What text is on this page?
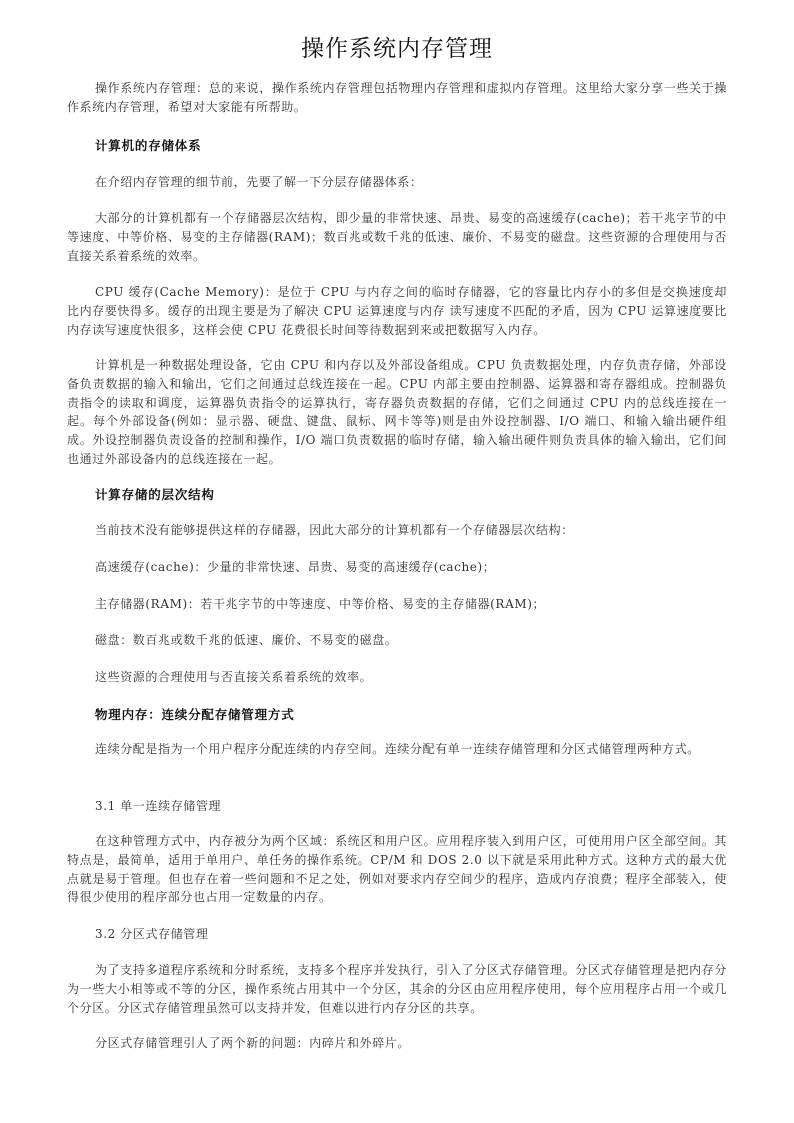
操作系统内存管理
操作系统内存管理：总的来说，操作系统内存管理包括物理内存管理和虚拟内存管理。这里给大家分享一些关于操作系统内存管理，希望对大家能有所帮助。
计算机的存储体系
在介绍内存管理的细节前，先要了解一下分层存储器体系：
大部分的计算机都有一个存储器层次结构，即少量的非常快速、昂贵、易变的高速缓存(cache)；若干兆字节的中等速度、中等价格、易变的主存储器(RAM)；数百兆或数千兆的低速、廉价、不易变的磁盘。这些资源的合理使用与否直接关系着系统的效率。
CPU 缓存(Cache Memory)：是位于 CPU 与内存之间的临时存储器，它的容量比内存小的多但是交换速度却比内存要快得多。缓存的出现主要是为了解决 CPU 运算速度与内存 读写速度不匹配的矛盾，因为 CPU 运算速度要比内存读写速度快很多，这样会使 CPU 花费很长时间等待数据到来或把数据写入内存。
计算机是一种数据处理设备，它由 CPU 和内存以及外部设备组成。CPU 负责数据处理，内存负责存储，外部设备负责数据的输入和输出，它们之间通过总线连接在一起。CPU 内部主要由控制器、运算器和寄存器组成。控制器负责指令的读取和调度，运算器负责指令的运算执行，寄存器负责数据的存储，它们之间通过 CPU 内的总线连接在一起。每个外部设备(例如：显示器、硬盘、键盘、鼠标、网卡等等)则是由外设控制器、I/O 端口、和输入输出硬件组成。外设控制器负责设备的控制和操作，I/O 端口负责数据的临时存储，输入输出硬件则负责具体的输入输出，它们间也通过外部设备内的总线连接在一起。
计算存储的层次结构
当前技术没有能够提供这样的存储器，因此大部分的计算机都有一个存储器层次结构：
高速缓存(cache)：少量的非常快速、昂贵、易变的高速缓存(cache)；
主存储器(RAM)：若干兆字节的中等速度、中等价格、易变的主存储器(RAM)；
磁盘：数百兆或数千兆的低速、廉价、不易变的磁盘。
这些资源的合理使用与否直接关系着系统的效率。
物理内存：连续分配存储管理方式
连续分配是指为一个用户程序分配连续的内存空间。连续分配有单一连续存储管理和分区式储管理两种方式。
3.1 单一连续存储管理
在这种管理方式中，内存被分为两个区域：系统区和用户区。应用程序装入到用户区，可使用用户区全部空间。其特点是，最简单，适用于单用户、单任务的操作系统。CP/M 和 DOS 2.0 以下就是采用此种方式。这种方式的最大优点就是易于管理。但也存在着一些问题和不足之处，例如对要求内存空间少的程序，造成内存浪费；程序全部装入，使得很少使用的程序部分也占用一定数量的内存。
3.2 分区式存储管理
为了支持多道程序系统和分时系统，支持多个程序并发执行，引入了分区式存储管理。分区式存储管理是把内存分为一些大小相等或不等的分区，操作系统占用其中一个分区，其余的分区由应用程序使用，每个应用程序占用一个或几个分区。分区式存储管理虽然可以支持并发，但难以进行内存分区的共享。
分区式存储管理引人了两个新的问题：内碎片和外碎片。
